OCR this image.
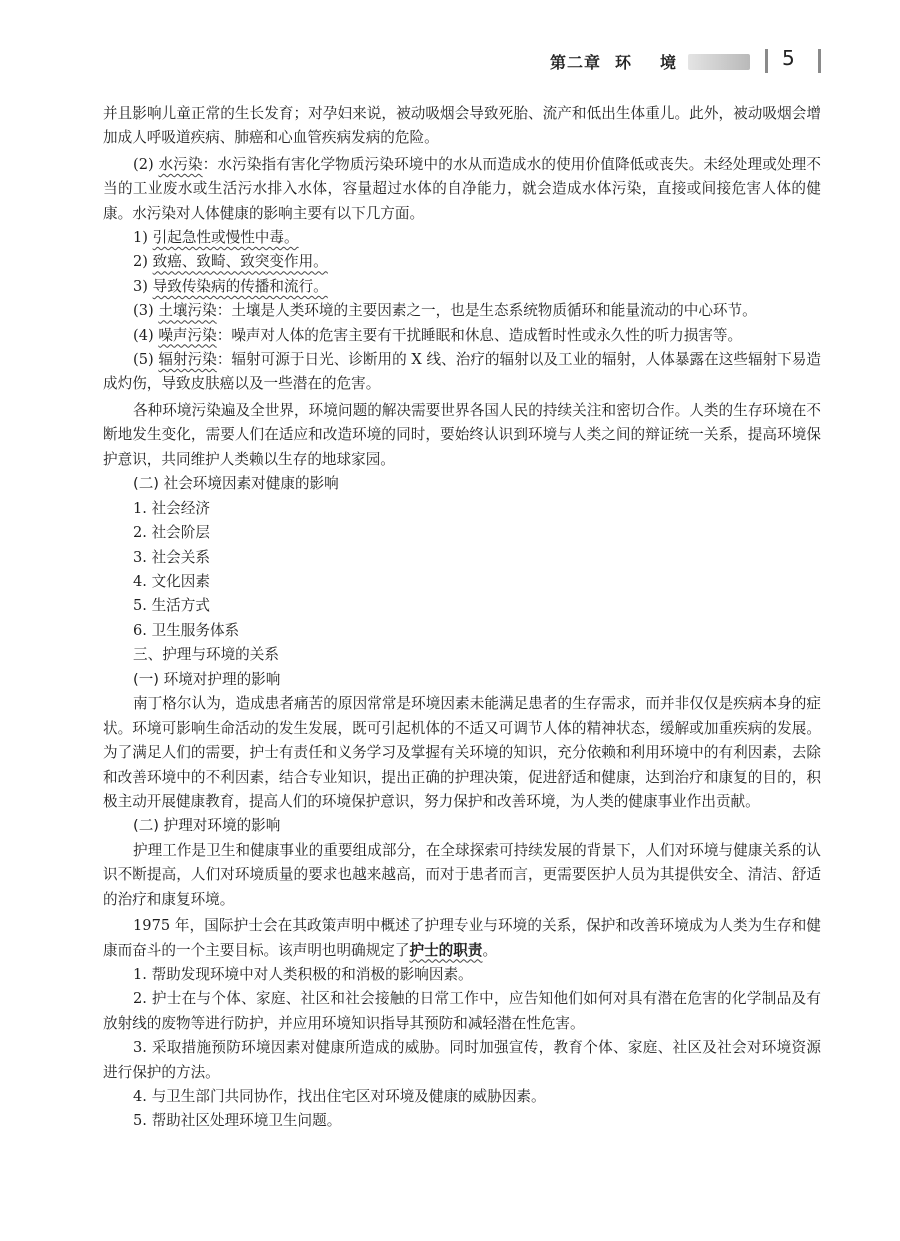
第二章 环 境	5

并且影响儿童正常的生长发育；对孕妇来说，被动吸烟会导致死胎、流产和低出生体重儿。此外，被动吸烟会增加成人呼吸道疾病、肺癌和心血管疾病发病的危险。

(2) 水污染：水污染指有害化学物质污染环境中的水从而造成水的使用价值降低或丧失。未经处理或处理不当的工业废水或生活污水排入水体，容量超过水体的自净能力，就会造成水体污染，直接或间接危害人体的健康。水污染对人体健康的影响主要有以下几方面。

1) 引起急性或慢性中毒。

2) 致癌、致畸、致突变作用。

3) 导致传染病的传播和流行。

(3) 土壤污染：土壤是人类环境的主要因素之一，也是生态系统物质循环和能量流动的中心环节。

(4) 噪声污染：噪声对人体的危害主要有干扰睡眠和休息、造成暂时性或永久性的听力损害等。

(5) 辐射污染：辐射可源于日光、诊断用的 X 线、治疗的辐射以及工业的辐射，人体暴露在这些辐射下易造成灼伤，导致皮肤癌以及一些潜在的危害。

各种环境污染遍及全世界，环境问题的解决需要世界各国人民的持续关注和密切合作。人类的生存环境在不断地发生变化，需要人们在适应和改造环境的同时，要始终认识到环境与人类之间的辩证统一关系，提高环境保护意识，共同维护人类赖以生存的地球家园。

(二) 社会环境因素对健康的影响

1. 社会经济

2. 社会阶层

3. 社会关系

4. 文化因素

5. 生活方式

6. 卫生服务体系

三、护理与环境的关系

(一) 环境对护理的影响

南丁格尔认为，造成患者痛苦的原因常常是环境因素未能满足患者的生存需求，而并非仅仅是疾病本身的症状。环境可影响生命活动的发生发展，既可引起机体的不适又可调节人体的精神状态，缓解或加重疾病的发展。为了满足人们的需要，护士有责任和义务学习及掌握有关环境的知识，充分依赖和利用环境中的有利因素，去除和改善环境中的不利因素，结合专业知识，提出正确的护理决策，促进舒适和健康，达到治疗和康复的目的，积极主动开展健康教育，提高人们的环境保护意识，努力保护和改善环境，为人类的健康事业作出贡献。

(二) 护理对环境的影响

护理工作是卫生和健康事业的重要组成部分，在全球探索可持续发展的背景下，人们对环境与健康关系的认识不断提高，人们对环境质量的要求也越来越高，而对于患者而言，更需要医护人员为其提供安全、清洁、舒适的治疗和康复环境。

1975 年，国际护士会在其政策声明中概述了护理专业与环境的关系，保护和改善环境成为人类为生存和健康而奋斗的一个主要目标。该声明也明确规定了护士的职责。

1. 帮助发现环境中对人类积极的和消极的影响因素。

2. 护士在与个体、家庭、社区和社会接触的日常工作中，应告知他们如何对具有潜在危害的化学制品及有放射线的废物等进行防护，并应用环境知识指导其预防和减轻潜在性危害。

3. 采取措施预防环境因素对健康所造成的威胁。同时加强宣传，教育个体、家庭、社区及社会对环境资源进行保护的方法。

4. 与卫生部门共同协作，找出住宅区对环境及健康的威胁因素。

5. 帮助社区处理环境卫生问题。
